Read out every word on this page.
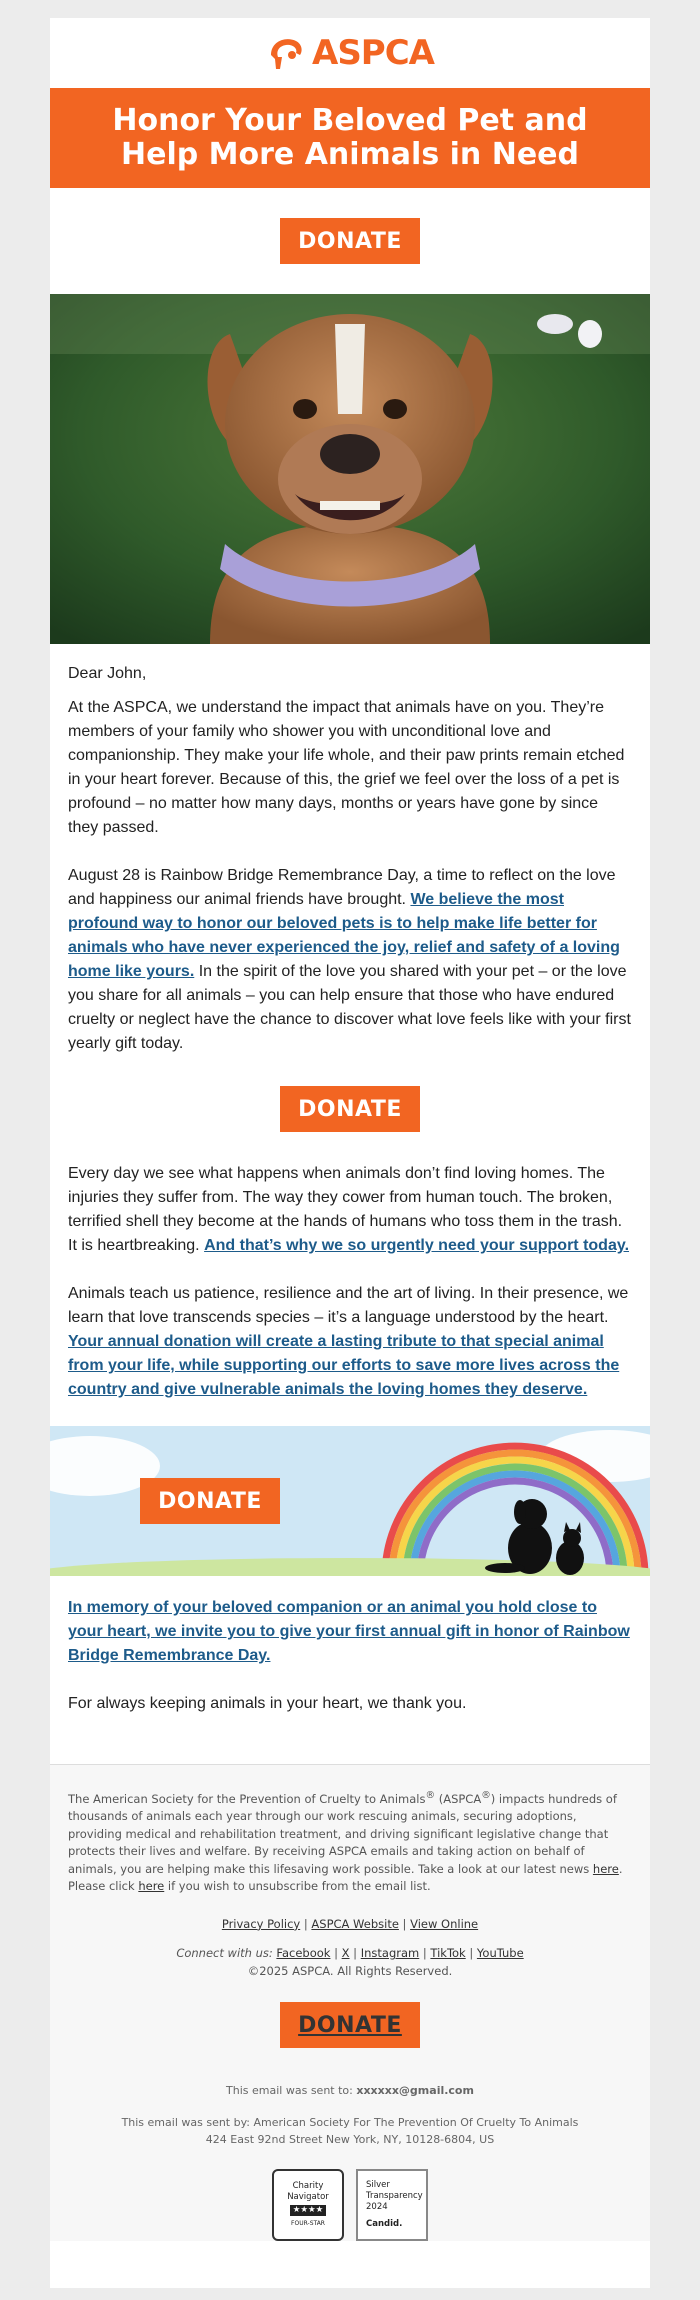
ASPCA
Honor Your Beloved Pet and Help More Animals in Need
DONATE

Dear John,

At the ASPCA, we understand the impact that animals have on you. They’re members of your family who shower you with unconditional love and companionship. They make your life whole, and their paw prints remain etched in your heart forever. Because of this, the grief we feel over the loss of a pet is profound – no matter how many days, months or years have gone by since they passed.

August 28 is Rainbow Bridge Remembrance Day, a time to reflect on the love and happiness our animal friends have brought. We believe the most profound way to honor our beloved pets is to help make life better for animals who have never experienced the joy, relief and safety of a loving home like yours. In the spirit of the love you shared with your pet – or the love you share for all animals – you can help ensure that those who have endured cruelty or neglect have the chance to discover what love feels like with your first yearly gift today.

DONATE

Every day we see what happens when animals don’t find loving homes. The injuries they suffer from. The way they cower from human touch. The broken, terrified shell they become at the hands of humans who toss them in the trash. It is heartbreaking. And that’s why we so urgently need your support today.

Animals teach us patience, resilience and the art of living. In their presence, we learn that love transcends species – it’s a language understood by the heart. Your annual donation will create a lasting tribute to that special animal from your life, while supporting our efforts to save more lives across the country and give vulnerable animals the loving homes they deserve.

DONATE

In memory of your beloved companion or an animal you hold close to your heart, we invite you to give your first annual gift in honor of Rainbow Bridge Remembrance Day.

For always keeping animals in your heart, we thank you.

The American Society for the Prevention of Cruelty to Animals® (ASPCA®) impacts hundreds of thousands of animals each year through our work rescuing animals, securing adoptions, providing medical and rehabilitation treatment, and driving significant legislative change that protects their lives and welfare. By receiving ASPCA emails and taking action on behalf of animals, you are helping make this lifesaving work possible. Take a look at our latest news here. Please click here if you wish to unsubscribe from the email list.

Privacy Policy | ASPCA Website | View Online

Connect with us: Facebook | X | Instagram | TikTok | YouTube

©2025 ASPCA. All Rights Reserved.

DONATE

This email was sent to: xxxxxx@gmail.com

This email was sent by: American Society For The Prevention Of Cruelty To Animals

424 East 92nd Street New York, NY, 10128-6804, US

Charity
Navigator
★★★★
FOUR-STAR
Silver
Transparency
2024
Candid.
